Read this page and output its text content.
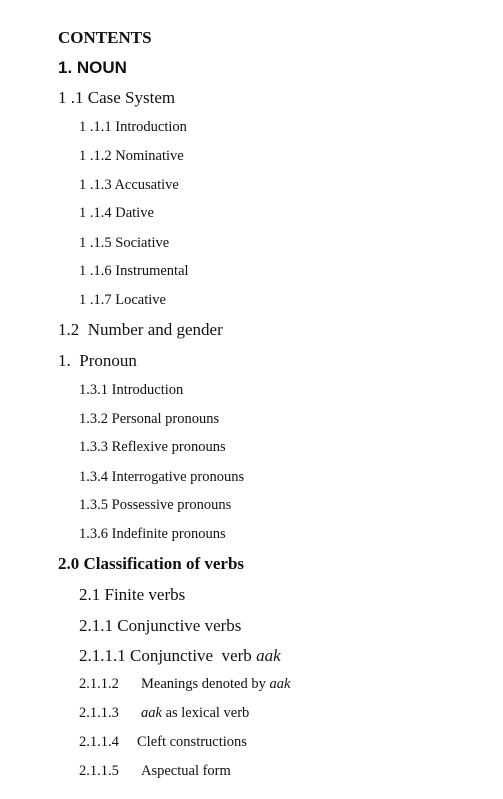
CONTENTS
1. NOUN
1 .1 Case System
1 .1.1 Introduction
1 .1.2 Nominative
1 .1.3 Accusative
1 .1.4 Dative
1 .1.5 Sociative
1 .1.6 Instrumental
1 .1.7 Locative
1.2  Number and gender
1.  Pronoun
1.3.1 Introduction
1.3.2 Personal pronouns
1.3.3 Reflexive pronouns
1.3.4 Interrogative pronouns
1.3.5 Possessive pronouns
1.3.6 Indefinite pronouns
2.0 Classification of verbs
2.1 Finite verbs
2.1.1 Conjunctive verbs
2.1.1.1 Conjunctive  verb aak
2.1.1.2 Meanings denoted by aak
2.1.1.3 aak as lexical verb
2.1.1.4 Cleft constructions
2.1.1.5 Aspectual form
